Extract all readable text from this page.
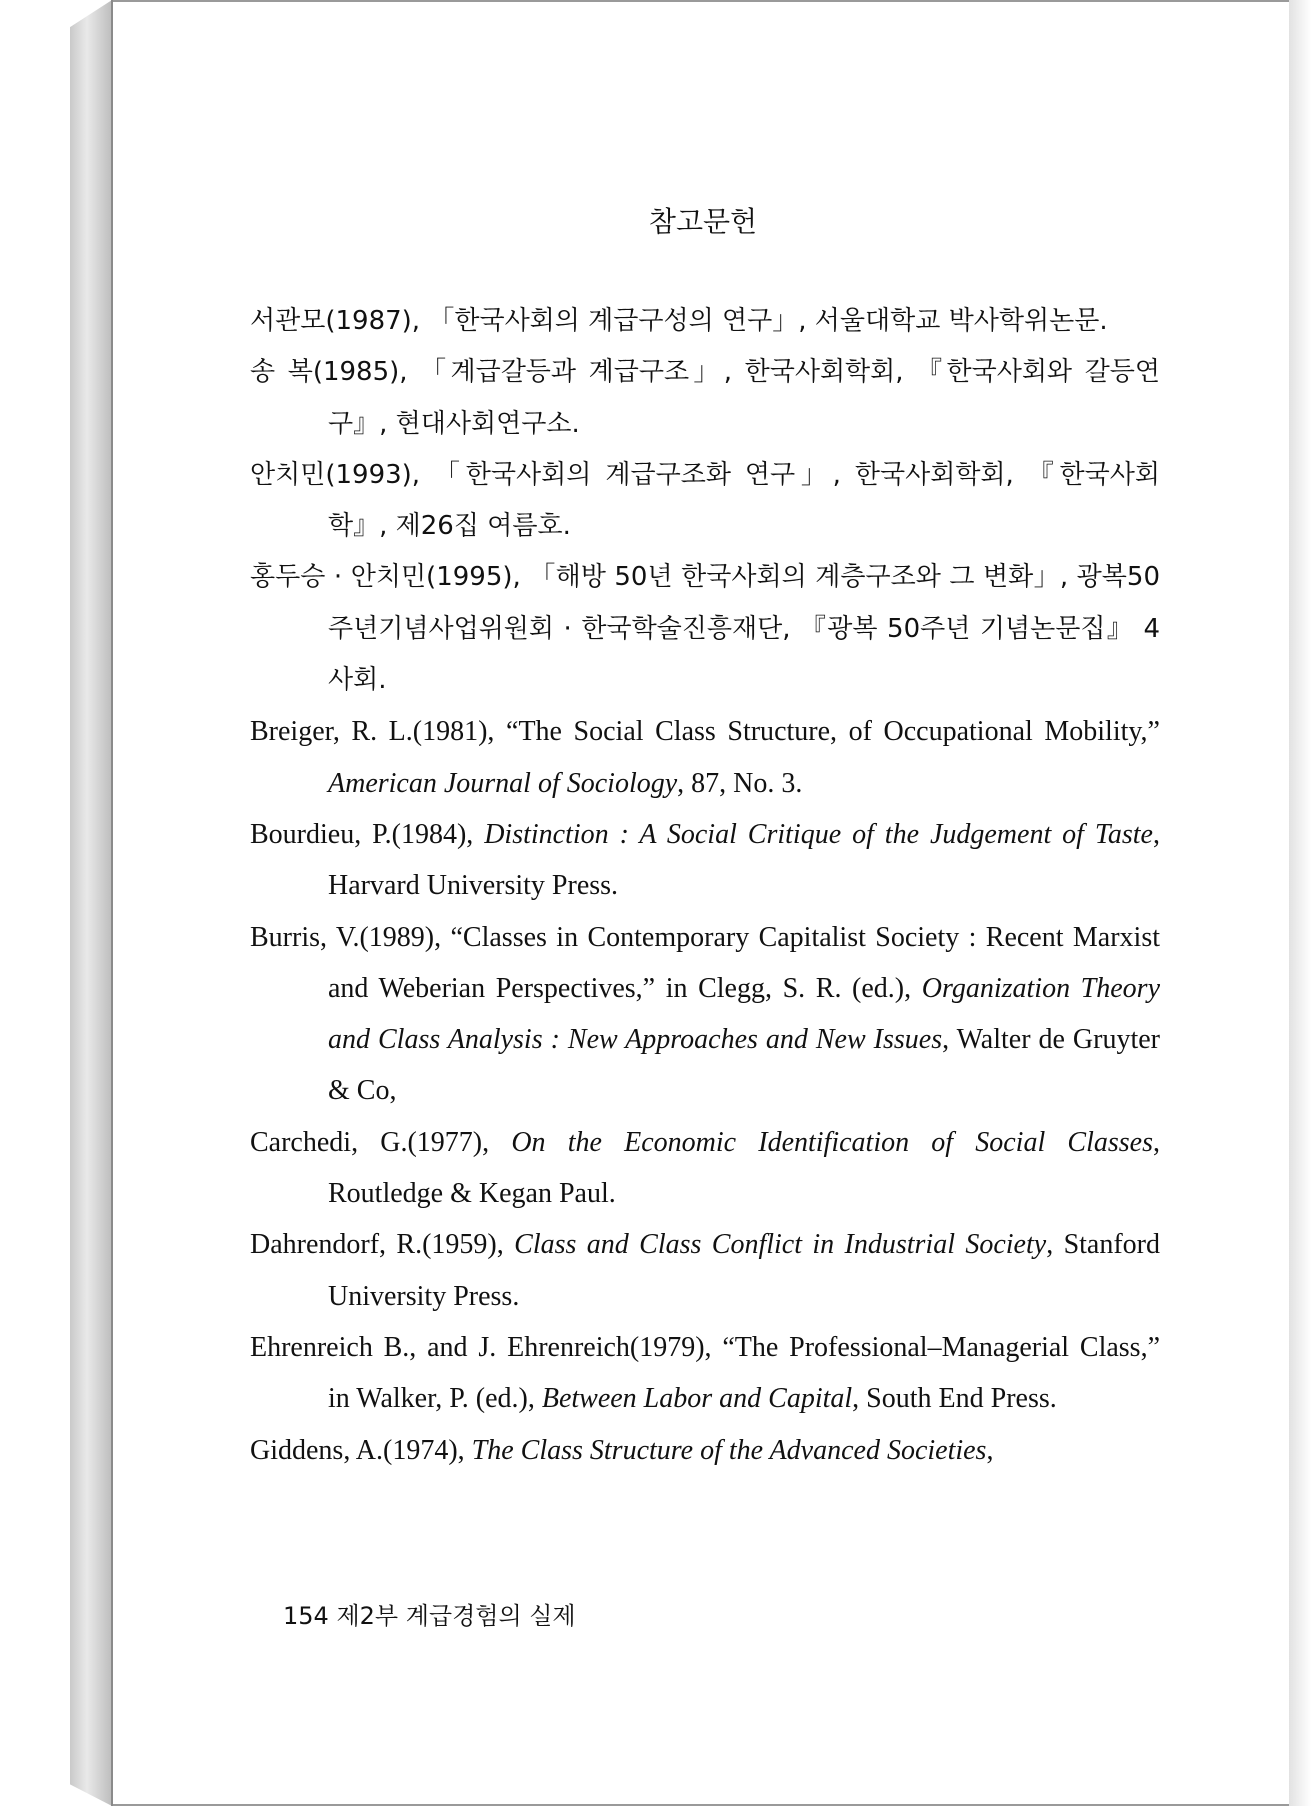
참고문헌
서관모(1987), 「한국사회의 계급구성의 연구」, 서울대학교 박사학위논문.
송 복(1985), 「계급갈등과 계급구조」, 한국사회학회, 『한국사회와 갈등연구』, 현대사회연구소.
안치민(1993), 「한국사회의 계급구조화 연구」, 한국사회학회, 『한국사회학』, 제26집 여름호.
홍두승 · 안치민(1995), 「해방 50년 한국사회의 계층구조와 그 변화」, 광복50주년기념사업위원회 · 한국학술진흥재단, 『광복 50주년 기념논문집』 4 사회.
Breiger, R. L.(1981), “The Social Class Structure, of Occupational Mobility,” American Journal of Sociology, 87, No. 3.
Bourdieu, P.(1984), Distinction : A Social Critique of the Judgement of Taste, Harvard University Press.
Burris, V.(1989), “Classes in Contemporary Capitalist Society : Recent Marxist and Weberian Perspectives,” in Clegg, S. R. (ed.), Organization Theory and Class Analysis : New Approaches and New Issues, Walter de Gruyter & Co,
Carchedi, G.(1977), On the Economic Identification of Social Classes, Routledge & Kegan Paul.
Dahrendorf, R.(1959), Class and Class Conflict in Industrial Society, Stanford University Press.
Ehrenreich B., and J. Ehrenreich(1979), “The Professional–Managerial Class,” in Walker, P. (ed.), Between Labor and Capital, South End Press.
Giddens, A.(1974), The Class Structure of the Advanced Societies,
154 제2부 계급경험의 실제
